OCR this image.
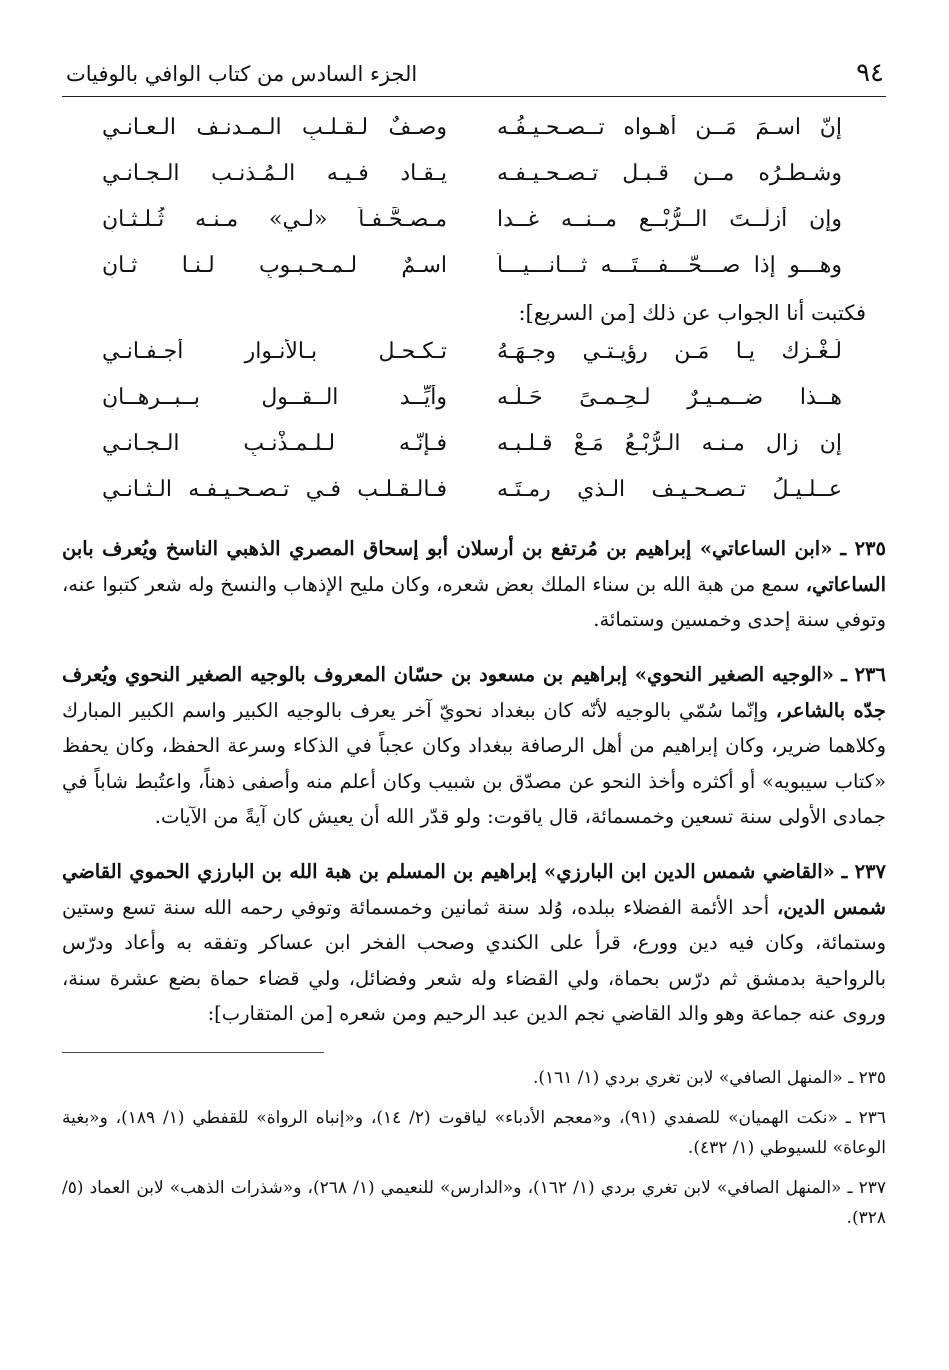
٩٤
الجزء السادس من كتاب الوافي بالوفيات
إنّ اسـمَ مَــن أهـواه تــصـحـيـفُـه
وصـفٌ لـقـلـبِ الـمـدنـف الـعـانـي
وشـطـرُه مــن قـبـل تـصـحـيـفـه
يـقـاد فـيـه الـمُـذنـب الـجـانـي
وإن أزلْــتَ الــرُّبْــع مــنــه غــدا
مـصـحَّـفـاً «لـي» مـنـه ثُـلـثـانِ
وهـــو إذا صـــحّـــفـــتَـــه ثـــانـــيـــاً
اسـمٌ لـمـحـبـوبِ لـنـا ثـانِ
فكتبت أنا الجواب عن ذلك [من السريع]:
لُـغْـزك يـا مَـن رؤيـتـي وجـهَـهُ
تـكـحـل بـالأنـوار أجـفـانـي
هــذا ضــمـيـرٌ لـحِـمـىً حَـلَّـه
وأيِّــد الــقــول بــبــرهــانِ
إن زال مـنـه الـرُّبْـعُ مَـعْ قـلـبـه
فـإنّـه لـلـمـذْنـبِ الـجـانـي
عــلـيـلُ تـصـحـيـف الـذي رمـتَـه
فـالـقـلـب فـي تـصـحـيـفـه الـثـانـي

٢٣٥ ـ «ابن الساعاتي» إبراهيم بن مُرتفع بن أرسلان أبو إسحاق المصري الذهبي الناسخ ويُعرف بابن الساعاتي، سمع من هبة الله بن سناء الملك بعض شعره، وكان مليح الإذهاب والنسخ وله شعر كتبوا عنه، وتوفي سنة إحدى وخمسين وستمائة.

٢٣٦ ـ «الوجيه الصغير النحوي» إبراهيم بن مسعود بن حسّان المعروف بالوجيه الصغير النحوي ويُعرف جدّه بالشاعر، وإنّما سُمّي بالوجيه لأنّه كان ببغداد نحويّ آخر يعرف بالوجيه الكبير واسم الكبير المبارك وكلاهما ضرير، وكان إبراهيم من أهل الرصافة ببغداد وكان عجباً في الذكاء وسرعة الحفظ، وكان يحفظ «كتاب سيبويه» أو أكثره وأخذ النحو عن مصدّق بن شبيب وكان أعلم منه وأصفى ذهناً، واعتُبط شاباً في جمادى الأولى سنة تسعين وخمسمائة، قال ياقوت: ولو قدّر الله أن يعيش كان آيةً من الآيات.

٢٣٧ ـ «القاضي شمس الدين ابن البارزي» إبراهيم بن المسلم بن هبة الله بن البارزي الحموي القاضي شمس الدين، أحد الأئمة الفضلاء ببلده، وُلد سنة ثمانين وخمسمائة وتوفي رحمه الله سنة تسع وستين وستمائة، وكان فيه دين وورع، قرأ على الكندي وصحب الفخر ابن عساكر وتفقه به وأعاد ودرّس بالرواحية بدمشق ثم درّس بحماة، ولي القضاء وله شعر وفضائل، ولي قضاء حماة بضع عشرة سنة، وروى عنه جماعة وهو والد القاضي نجم الدين عبد الرحيم ومن شعره [من المتقارب]:

٢٣٥ ـ «المنهل الصافي» لابن تغري بردي (١/ ١٦١).
٢٣٦ ـ «نكت الهميان» للصفدي (٩١)، و«معجم الأدباء» لياقوت (٢/ ١٤)، و«إنباه الرواة» للقفطي (١/ ١٨٩)، و«بغية الوعاة» للسيوطي (١/ ٤٣٢).
٢٣٧ ـ «المنهل الصافي» لابن تغري بردي (١/ ١٦٢)، و«الدارس» للنعيمي (١/ ٢٦٨)، و«شذرات الذهب» لابن العماد (٥/ ٣٢٨).
